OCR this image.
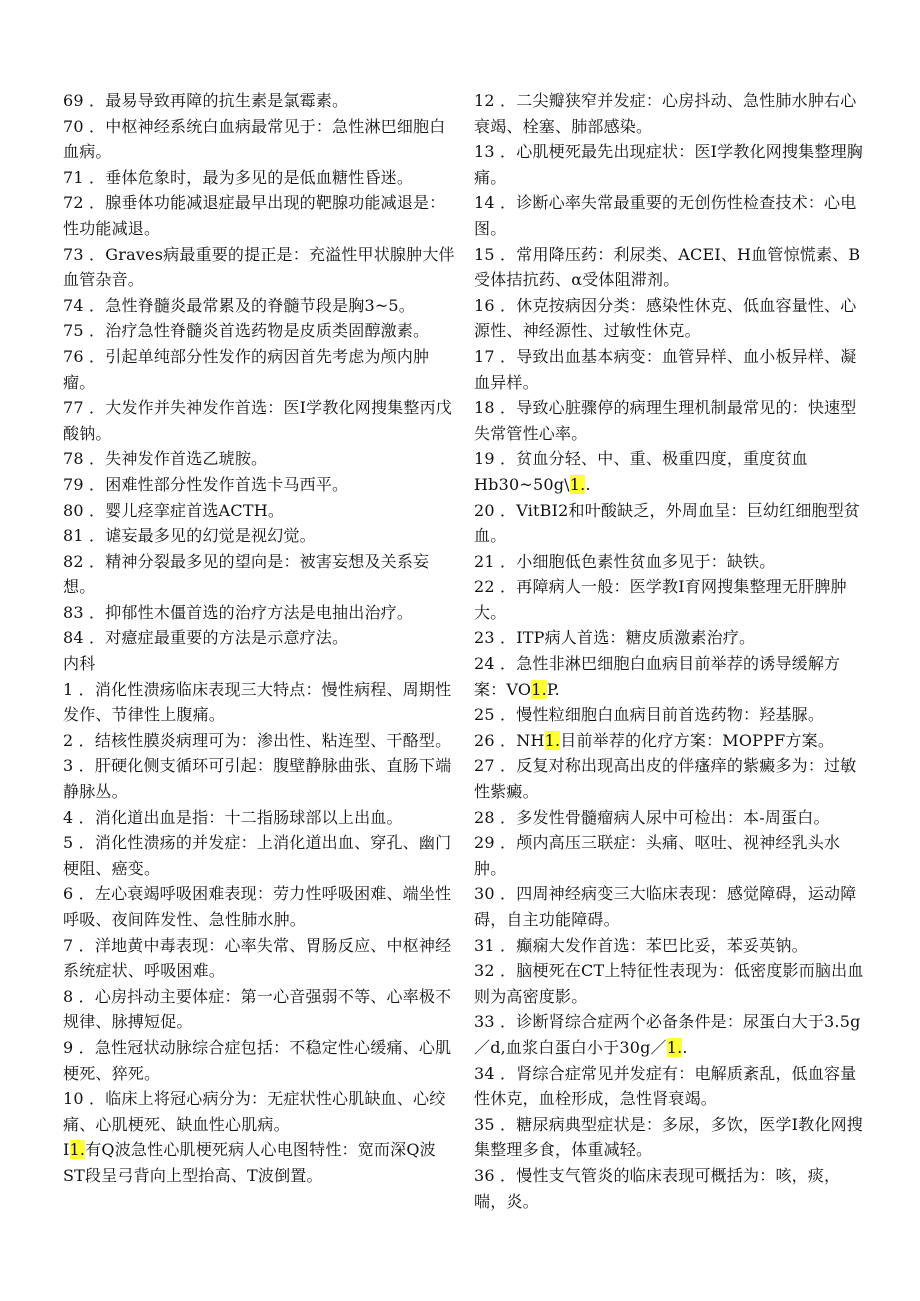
69 ．最易导致再障的抗生素是氯霉素。

70 ．中枢神经系统白血病最常见于：急性淋巴细胞白血病。

71 ．垂体危象时，最为多见的是低血糖性昏迷。

72 ．腺垂体功能减退症最早出现的靶腺功能减退是：性功能减退。

73 ．Graves病最重要的提正是：充溢性甲状腺肿大伴血管杂音。

74 ．急性脊髓炎最常累及的脊髓节段是胸3~5。

75 ．治疗急性脊髓炎首选药物是皮质类固醇激素。

76 ．引起单纯部分性发作的病因首先考虑为颅内肿瘤。

77 ．大发作并失神发作首选：医I学教化网搜集整丙戊酸钠。

78 ．失神发作首选乙琥胺。

79 ．困难性部分性发作首选卡马西平。

80 ．婴儿痉挛症首选ACTH。

81 ．谑妄最多见的幻觉是视幻觉。

82 ．精神分裂最多见的望向是：被害妄想及关系妄想。

83 ．抑郁性木僵首选的治疗方法是电抽出治疗。

84 ．对癔症最重要的方法是示意疗法。

内科

1 ．消化性溃疡临床表现三大特点：慢性病程、周期性发作、节律性上腹痛。

2 ．结核性膜炎病理可为：渗出性、粘连型、干酪型。

3 ．肝硬化侧支循环可引起：腹壁静脉曲张、直肠下端静脉丛。

4 ．消化道出血是指：十二指肠球部以上出血。

5 ．消化性溃疡的并发症：上消化道出血、穿孔、幽门梗阻、癌变。

6 ．左心衰竭呼吸困难表现：劳力性呼吸困难、端坐性呼吸、夜间阵发性、急性肺水肿。

7 ．洋地黄中毒表现：心率失常、胃肠反应、中枢神经系统症状、呼吸困难。

8 ．心房抖动主要体症：第一心音强弱不等、心率极不规律、脉搏短促。

9 ．急性冠状动脉综合症包括：不稳定性心缓痛、心肌梗死、猝死。

10 ．临床上将冠心病分为：无症状性心肌缺血、心绞痛、心肌梗死、缺血性心肌病。

I1.有Q波急性心肌梗死病人心电图特性：宽而深Q波ST段呈弓背向上型抬高、T波倒置。

12 ．二尖瓣狭窄并发症：心房抖动、急性肺水肿右心衰竭、栓塞、肺部感染。

13 ．心肌梗死最先出现症状：医I学教化网搜集整理胸痛。

14 ．诊断心率失常最重要的无创伤性检查技术：心电图。

15 ．常用降压药：利尿类、ACEI、H血管惊慌素、B受体拮抗药、α受体阻滞剂。

16 ．休克按病因分类：感染性休克、低血容量性、心源性、神经源性、过敏性休克。

17 ．导致出血基本病变：血管异样、血小板异样、凝血异样。

18 ．导致心脏骤停的病理生理机制最常见的：快速型失常管性心率。

19 ．贫血分轻、中、重、极重四度，重度贫血Hb30~50g\1..

20 ．VitBI2和叶酸缺乏，外周血呈：巨幼红细胞型贫血。

21 ．小细胞低色素性贫血多见于：缺铁。

22 ．再障病人一般：医学教I育网搜集整理无肝脾肿大。

23 ．ITP病人首选：糖皮质激素治疗。

24 ．急性非淋巴细胞白血病目前举荐的诱导缓解方案：VO1.P.

25 ．慢性粒细胞白血病目前首选药物：羟基脲。

26 ．NH1.目前举荐的化疗方案：MOPPF方案。

27 ．反复对称出现高出皮的伴瘙痒的紫癜多为：过敏性紫癜。

28 ．多发性骨髓瘤病人尿中可检出：本-周蛋白。

29 ．颅内高压三联症：头痛、呕吐、视神经乳头水肿。

30 ．四周神经病变三大临床表现：感觉障碍，运动障碍，自主功能障碍。

31 ．癫痫大发作首选：苯巴比妥，苯妥英钠。

32 ．脑梗死在CT上特征性表现为：低密度影而脑出血则为高密度影。

33 ．诊断肾综合症两个必备条件是：尿蛋白大于3.5g／d,血浆白蛋白小于30g／1..

34 ．肾综合症常见并发症有：电解质紊乱，低血容量性休克，血栓形成，急性肾衰竭。

35 ．糖尿病典型症状是：多尿，多饮，医学I教化网搜集整理多食，体重减轻。

36 ．慢性支气管炎的临床表现可概括为：咳，痰，喘，炎。
